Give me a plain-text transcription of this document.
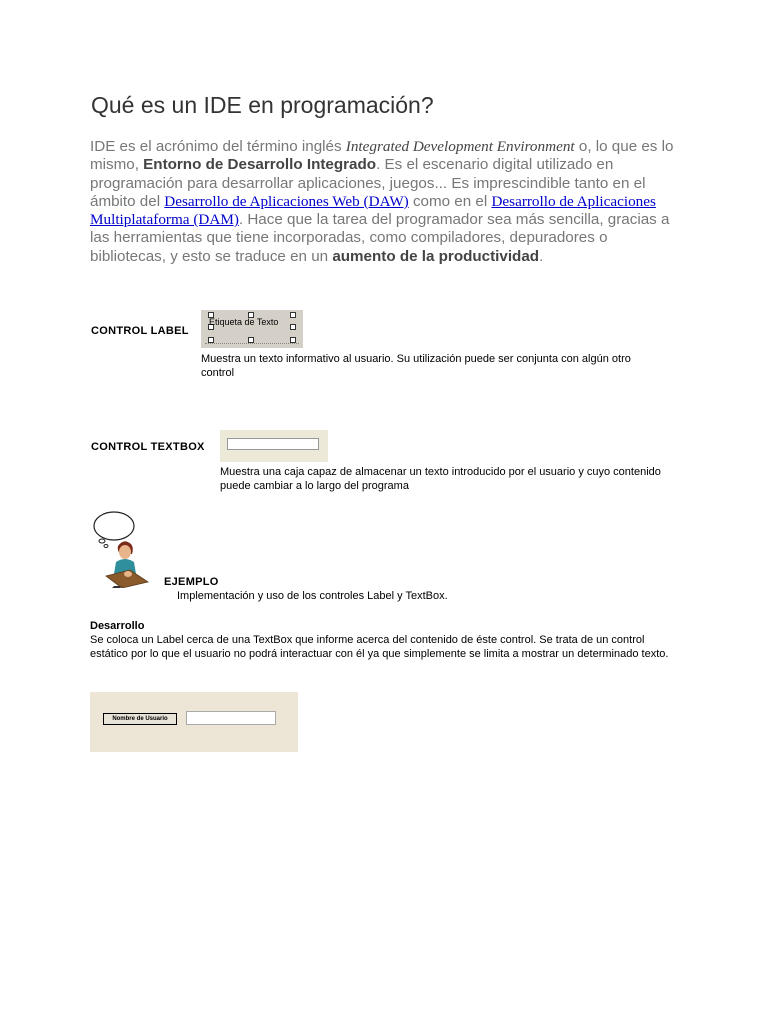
Qué es un IDE en programación?

IDE es el acrónimo del término inglés Integrated Development Environment o, lo que es lo mismo, Entorno de Desarrollo Integrado. Es el escenario digital utilizado en programación para desarrollar aplicaciones, juegos... Es imprescindible tanto en el ámbito del Desarrollo de Aplicaciones Web (DAW) como en el Desarrollo de Aplicaciones Multiplataforma (DAM). Hace que la tarea del programador sea más sencilla, gracias a las herramientas que tiene incorporadas, como compiladores, depuradores o bibliotecas, y esto se traduce en un aumento de la productividad.

CONTROL LABEL
Etiqueta de Texto
Muestra un texto informativo al usuario. Su utilización puede ser conjunta con algún otro control
CONTROL TEXTBOX
Muestra una caja capaz de almacenar un texto introducido por el usuario y cuyo contenido puede cambiar a lo largo del programa
EJEMPLO
Implementación y uso de los controles Label y TextBox.
Desarrollo
Se coloca un Label cerca de una TextBox que informe acerca del contenido de éste control. Se trata de un control estático por lo que el usuario no podrá interactuar con él ya que simplemente se limita a mostrar un determinado texto.
Nombre de Usuario
